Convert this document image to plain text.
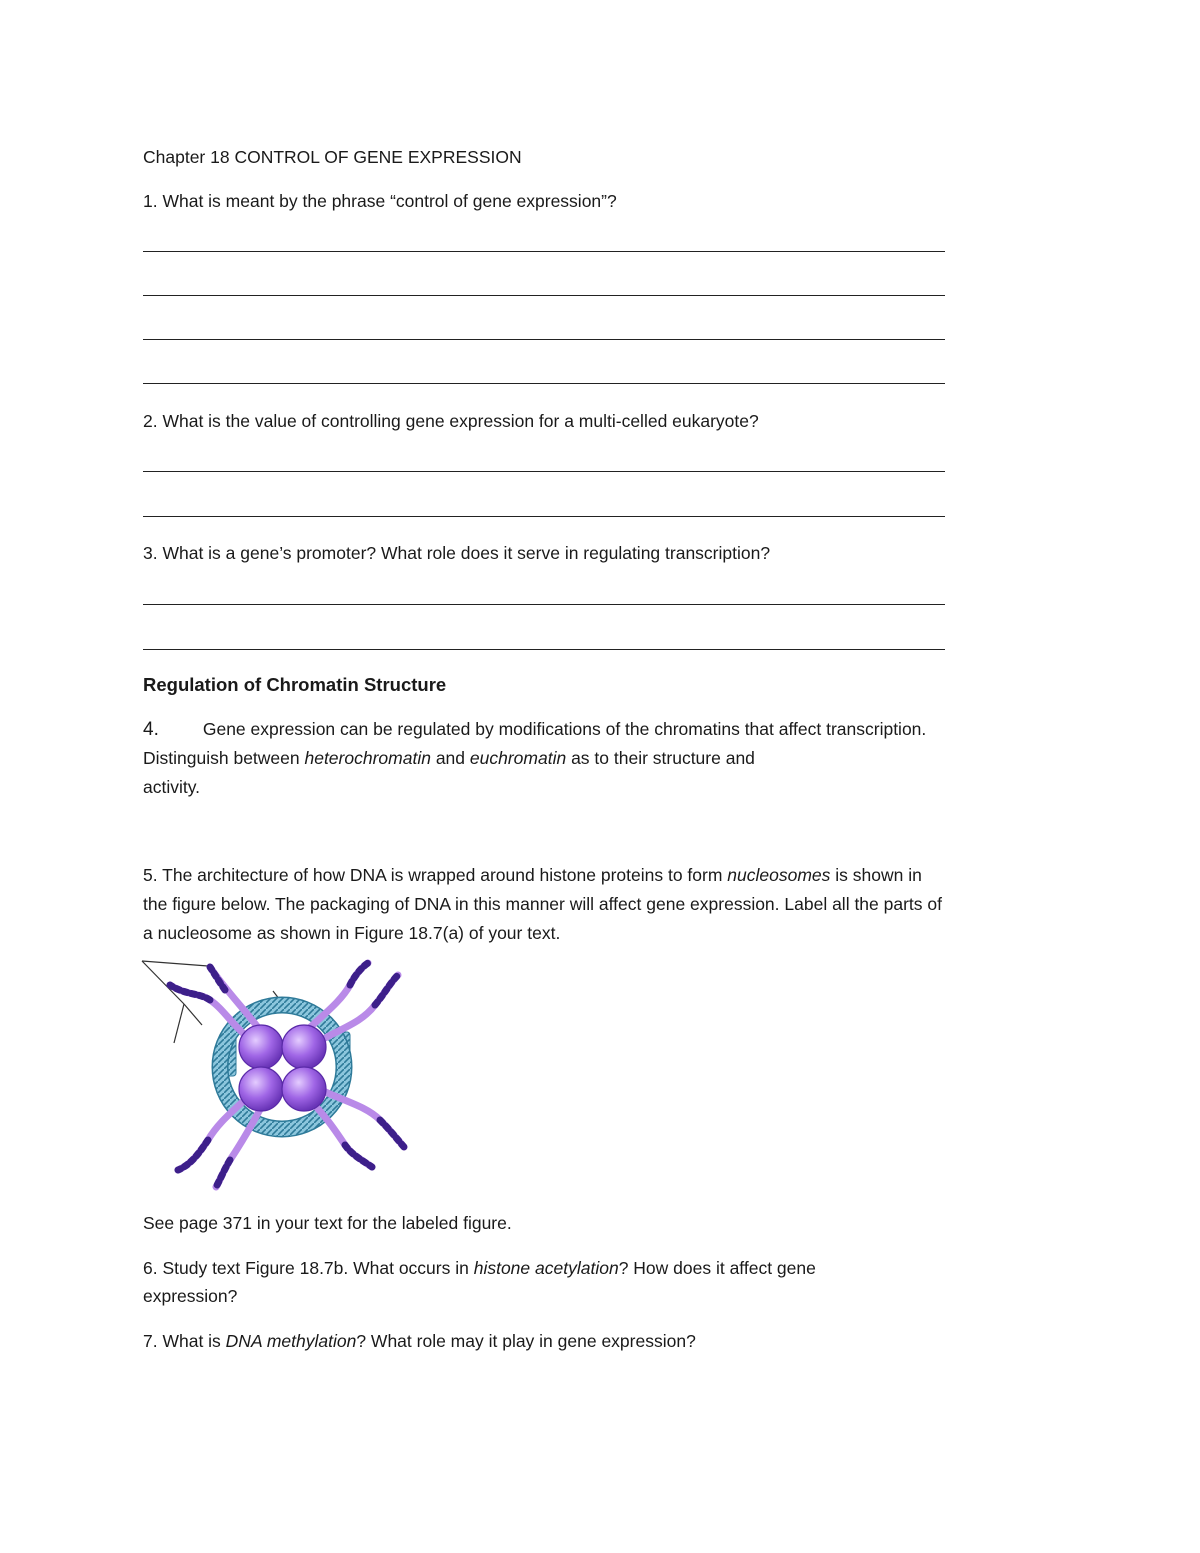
Chapter 18 CONTROL OF GENE EXPRESSION
1. What is meant by the phrase “control of gene expression”?
2. What is the value of controlling gene expression for a multi-celled eukaryote?
3. What is a gene’s promoter? What role does it serve in regulating transcription?
Regulation of Chromatin Structure
4.	Gene expression can be regulated by modifications of the chromatins that affect transcription.
Distinguish between heterochromatin and euchromatin as to their structure and
activity.
5. The architecture of how DNA is wrapped around histone proteins to form nucleosomes is shown in
the figure below. The packaging of DNA in this manner will affect gene expression. Label all the parts of
a nucleosome as shown in Figure 18.7(a) of your text.
See page 371 in your text for the labeled figure.
6. Study text Figure 18.7b. What occurs in histone acetylation? How does it affect gene
expression?
7. What is DNA methylation? What role may it play in gene expression?
